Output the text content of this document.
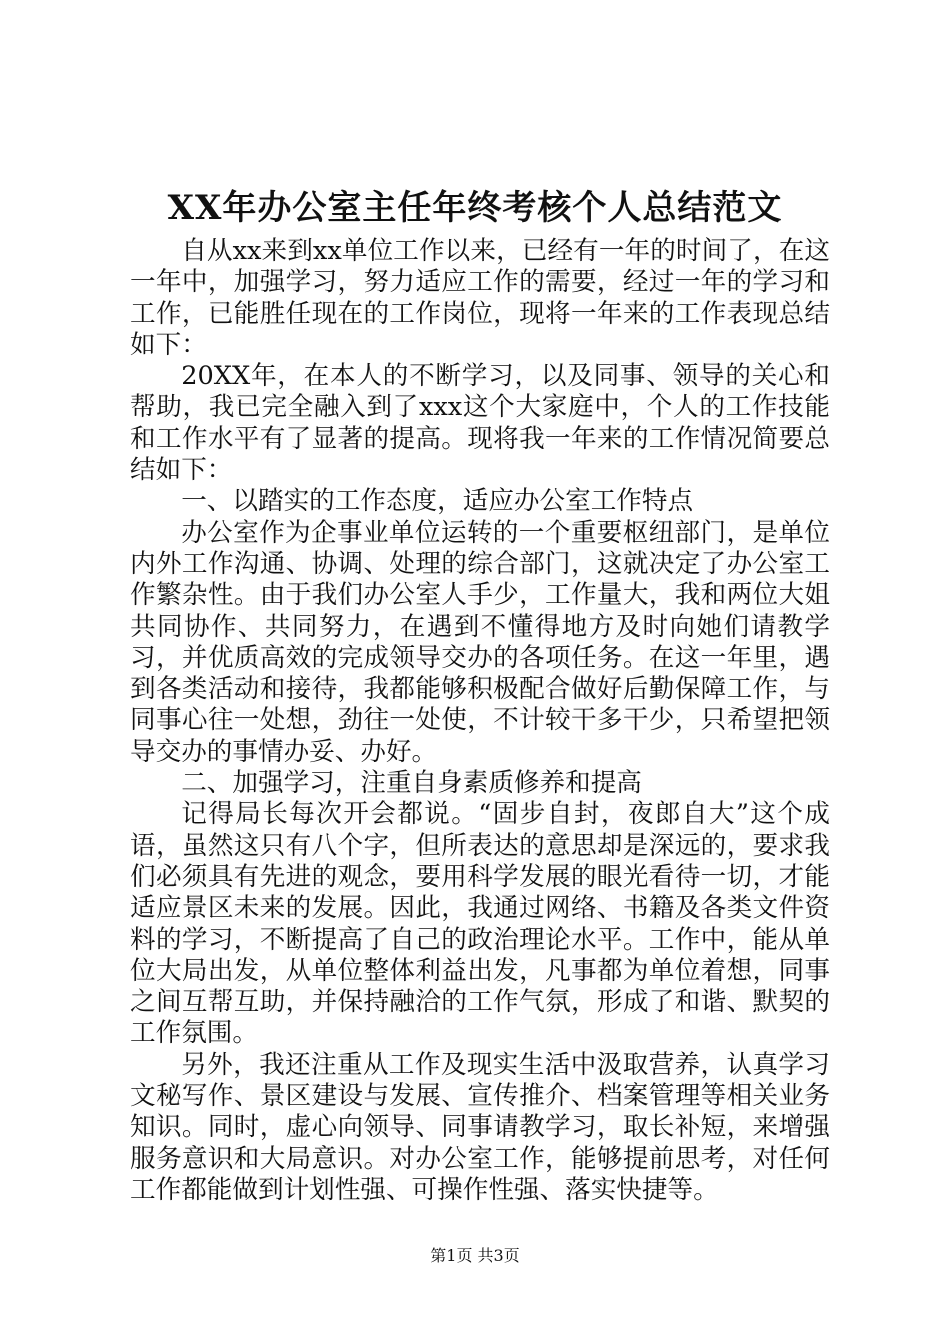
XX年办公室主任年终考核个人总结范文

自从xx来到xx单位工作以来，已经有一年的时间了，在这一年中，加强学习，努力适应工作的需要，经过一年的学习和工作，已能胜任现在的工作岗位，现将一年来的工作表现总结如下：

20XX年，在本人的不断学习，以及同事、领导的关心和帮助，我已完全融入到了xxx这个大家庭中，个人的工作技能和工作水平有了显著的提高。现将我一年来的工作情况简要总结如下：

一、以踏实的工作态度，适应办公室工作特点

办公室作为企事业单位运转的一个重要枢纽部门，是单位内外工作沟通、协调、处理的综合部门，这就决定了办公室工作繁杂性。由于我们办公室人手少，工作量大，我和两位大姐共同协作、共同努力，在遇到不懂得地方及时向她们请教学习，并优质高效的完成领导交办的各项任务。在这一年里，遇到各类活动和接待，我都能够积极配合做好后勤保障工作，与同事心往一处想，劲往一处使，不计较干多干少，只希望把领导交办的事情办妥、办好。

二、加强学习，注重自身素质修养和提高

记得局长每次开会都说。“固步自封，夜郎自大”这个成语，虽然这只有八个字，但所表达的意思却是深远的，要求我们必须具有先进的观念，要用科学发展的眼光看待一切，才能适应景区未来的发展。因此，我通过网络、书籍及各类文件资料的学习，不断提高了自己的政治理论水平。工作中，能从单位大局出发，从单位整体利益出发，凡事都为单位着想，同事之间互帮互助，并保持融洽的工作气氛，形成了和谐、默契的工作氛围。

另外，我还注重从工作及现实生活中汲取营养，认真学习文秘写作、景区建设与发展、宣传推介、档案管理等相关业务知识。同时，虚心向领导、同事请教学习，取长补短，来增强服务意识和大局意识。对办公室工作，能够提前思考，对任何工作都能做到计划性强、可操作性强、落实快捷等。

第1页 共3页
